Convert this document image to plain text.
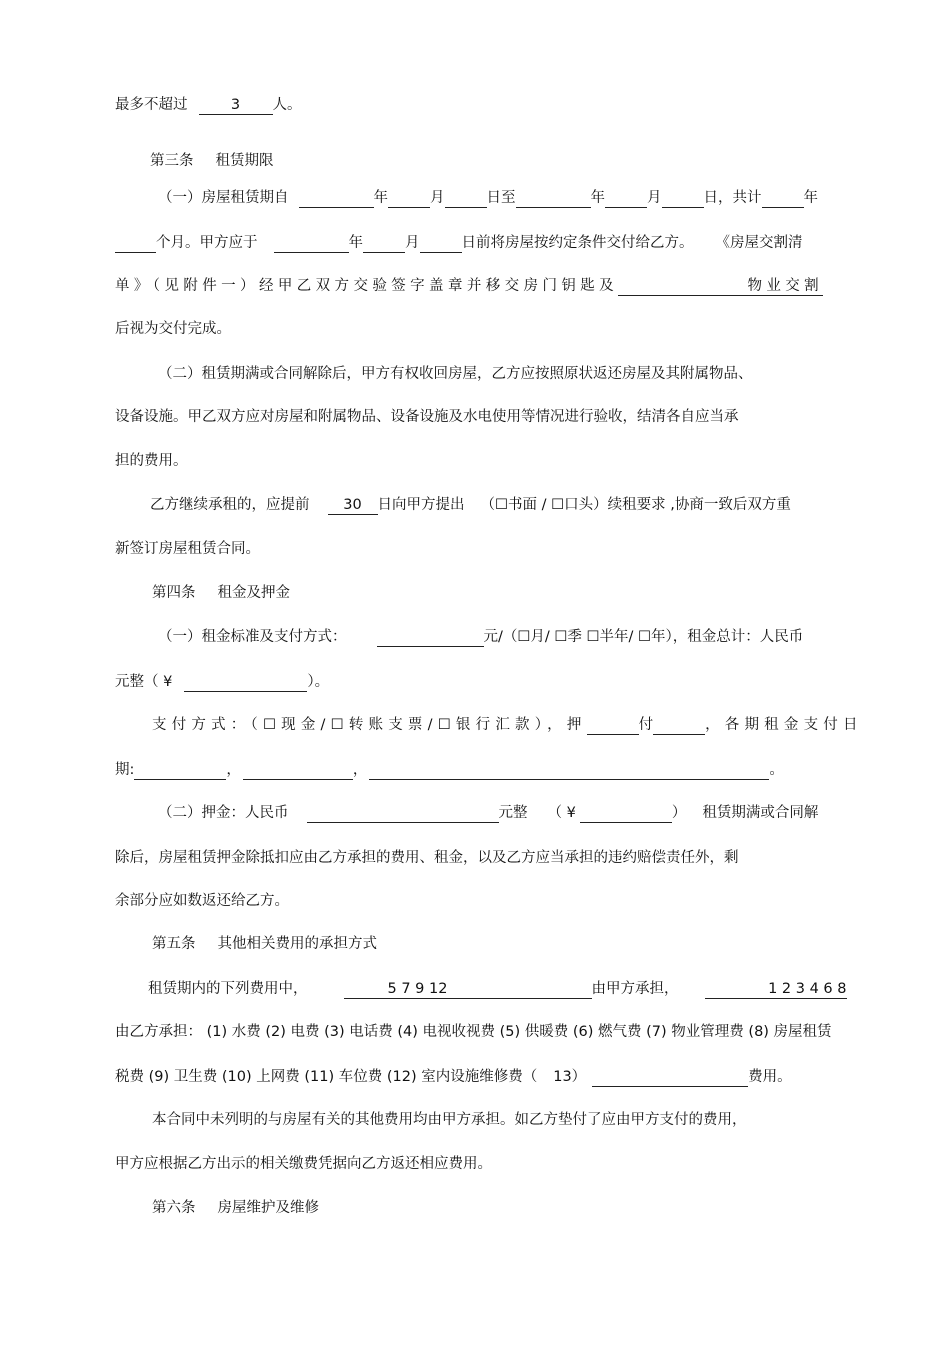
最多不超过	3 人。
第三条 租赁期限
（一）房屋租赁期自	年	月	日至	年	月	日，共计	年
个月。甲方应于	年	月	日前将房屋按约定条件交付给乙方。 《房屋交割清
单》（见附件一）经甲乙双方交验签字盖章并移交房门钥匙及	物业交割
后视为交付完成。
（二）租赁期满或合同解除后，甲方有权收回房屋，乙方应按照原状返还房屋及其附属物品、
设备设施。甲乙双方应对房屋和附属物品、设备设施及水电使用等情况进行验收，结清各自应当承
担的费用。
乙方继续承租的，应提前 30 日向甲方提出 （☐书面 / ☐口头）续租要求 ,协商一致后双方重
新签订房屋租赁合同。
第四条 租金及押金
（一）租金标准及支付方式：	元/（☐月/ ☐季 ☐半年/ ☐年），租金总计：人民币
元整（ ¥	）。
支付方式：（☐现金/☐转账支票/☐银行汇款），押	付	，各期租金支付日
期:	，	，	。
（二）押金：人民币	元整 （ ¥	） 租赁期满或合同解
除后，房屋租赁押金除抵扣应由乙方承担的费用、租金，以及乙方应当承担的违约赔偿责任外，剩
余部分应如数返还给乙方。
第五条 其他相关费用的承担方式
租赁期内的下列费用中，	5 7 9 12	由甲方承担，	1 2 3 4 6 8
由乙方承担： (1) 水费 (2) 电费 (3) 电话费 (4) 电视收视费 (5) 供暖费 (6) 燃气费 (7) 物业管理费 (8) 房屋租赁
税费 (9) 卫生费 (10) 上网费 (11) 车位费 (12) 室内设施维修费（ 13）	费用。
本合同中未列明的与房屋有关的其他费用均由甲方承担。如乙方垫付了应由甲方支付的费用，
甲方应根据乙方出示的相关缴费凭据向乙方返还相应费用。
第六条 房屋维护及维修
